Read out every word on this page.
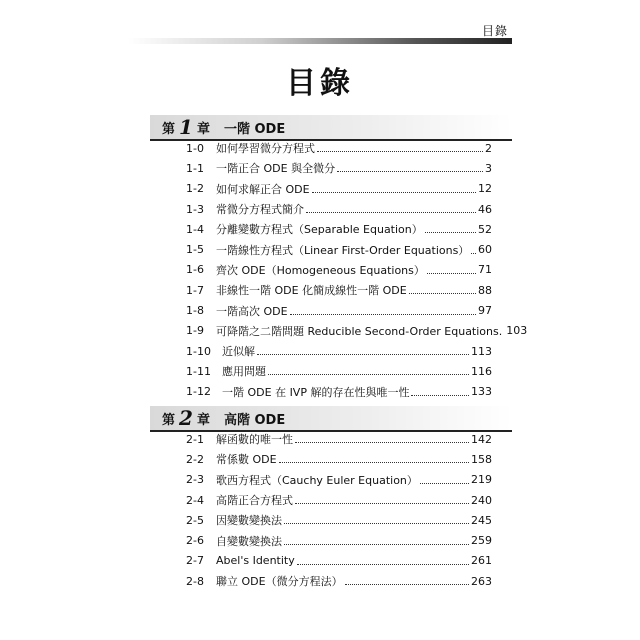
目錄
目錄
第 1 章 一階 ODE
1-0	如何學習微分方程式	2
1-1	一階正合 ODE 與全微分	3
1-2	如何求解正合 ODE	12
1-3	常微分方程式簡介	46
1-4	分離變數方程式（Separable Equation）	52
1-5	一階線性方程式（Linear First-Order Equations） 60
1-6	齊次 ODE（Homogeneous Equations）	71
1-7	非線性一階 ODE 化簡成線性一階 ODE	88
1-8	一階高次 ODE	97
1-9	可降階之二階問題 Reducible Second-Order Equations. 103
1-10	近似解	113
1-11	應用問題	116
1-12	一階 ODE 在 IVP 解的存在性與唯一性	133
第 2 章 高階 ODE
2-1	解函數的唯一性	142
2-2	常係數 ODE	158
2-3	歌西方程式（Cauchy Euler Equation）	219
2-4	高階正合方程式	240
2-5	因變數變換法	245
2-6	自變數變換法	259
2-7	Abel's Identity	261
2-8	聯立 ODE（微分方程法）	263
